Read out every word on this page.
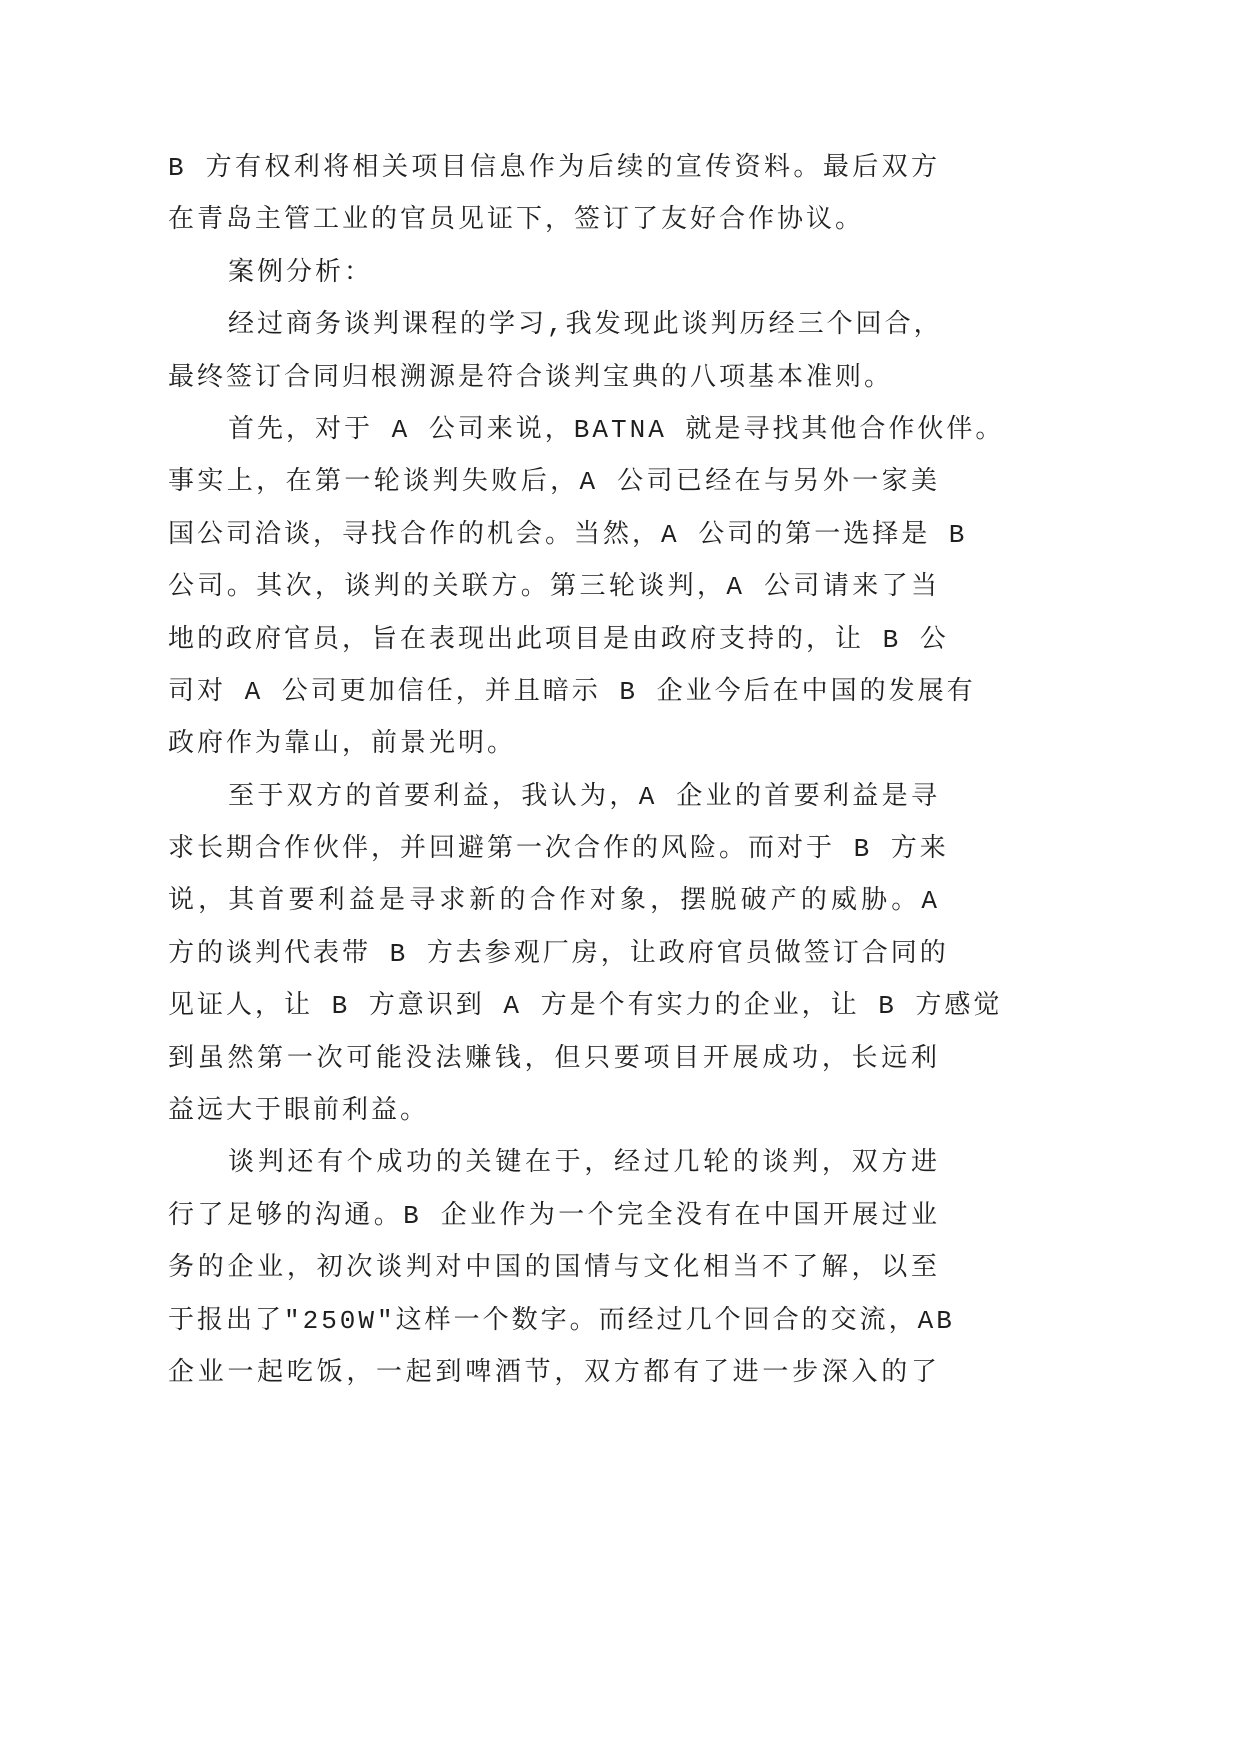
B 方有权利将相关项目信息作为后续的宣传资料。最后双方
在青岛主管工业的官员见证下，签订了友好合作协议。
案例分析：
经过商务谈判课程的学习,我发现此谈判历经三个回合，
最终签订合同归根溯源是符合谈判宝典的八项基本准则。
首先，对于 A 公司来说，BATNA 就是寻找其他合作伙伴。
事实上，在第一轮谈判失败后，A 公司已经在与另外一家美
国公司洽谈，寻找合作的机会。当然，A 公司的第一选择是 B
公司。其次，谈判的关联方。第三轮谈判，A 公司请来了当
地的政府官员，旨在表现出此项目是由政府支持的，让 B 公
司对 A 公司更加信任，并且暗示 B 企业今后在中国的发展有
政府作为靠山，前景光明。
至于双方的首要利益，我认为，A 企业的首要利益是寻
求长期合作伙伴，并回避第一次合作的风险。而对于 B 方来
说，其首要利益是寻求新的合作对象，摆脱破产的威胁。A
方的谈判代表带 B 方去参观厂房，让政府官员做签订合同的
见证人，让 B 方意识到 A 方是个有实力的企业，让 B 方感觉
到虽然第一次可能没法赚钱，但只要项目开展成功，长远利
益远大于眼前利益。
谈判还有个成功的关键在于，经过几轮的谈判，双方进
行了足够的沟通。B 企业作为一个完全没有在中国开展过业
务的企业，初次谈判对中国的国情与文化相当不了解，以至
于报出了"250W"这样一个数字。而经过几个回合的交流，AB
企业一起吃饭，一起到啤酒节，双方都有了进一步深入的了
